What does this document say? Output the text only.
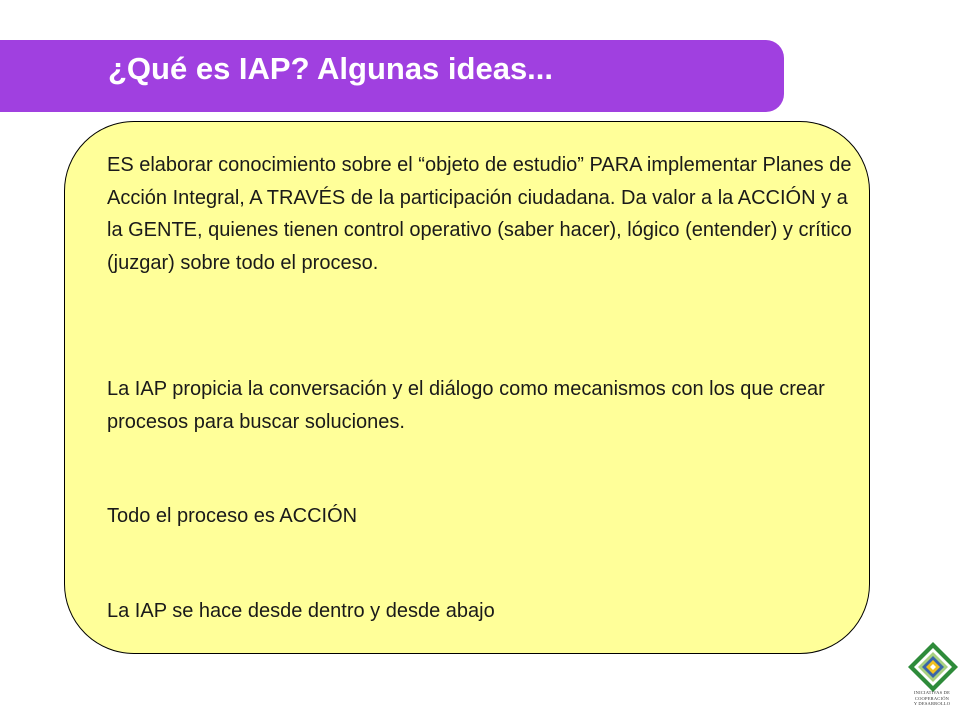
¿Qué es IAP? Algunas ideas...
ES elaborar conocimiento sobre el “objeto de estudio” PARA implementar Planes de Acción Integral, A TRAVÉS de la participación ciudadana. Da valor a la ACCIÓN y a la GENTE, quienes tienen control operativo (saber hacer), lógico (entender) y crítico (juzgar) sobre todo el proceso.
La IAP propicia la conversación y el diálogo como mecanismos con los que crear procesos para buscar soluciones.
Todo el proceso es ACCIÓN
La IAP se hace desde dentro y desde abajo
INICIATIVAS DE
COOPERACIÓN
Y DESARROLLO
